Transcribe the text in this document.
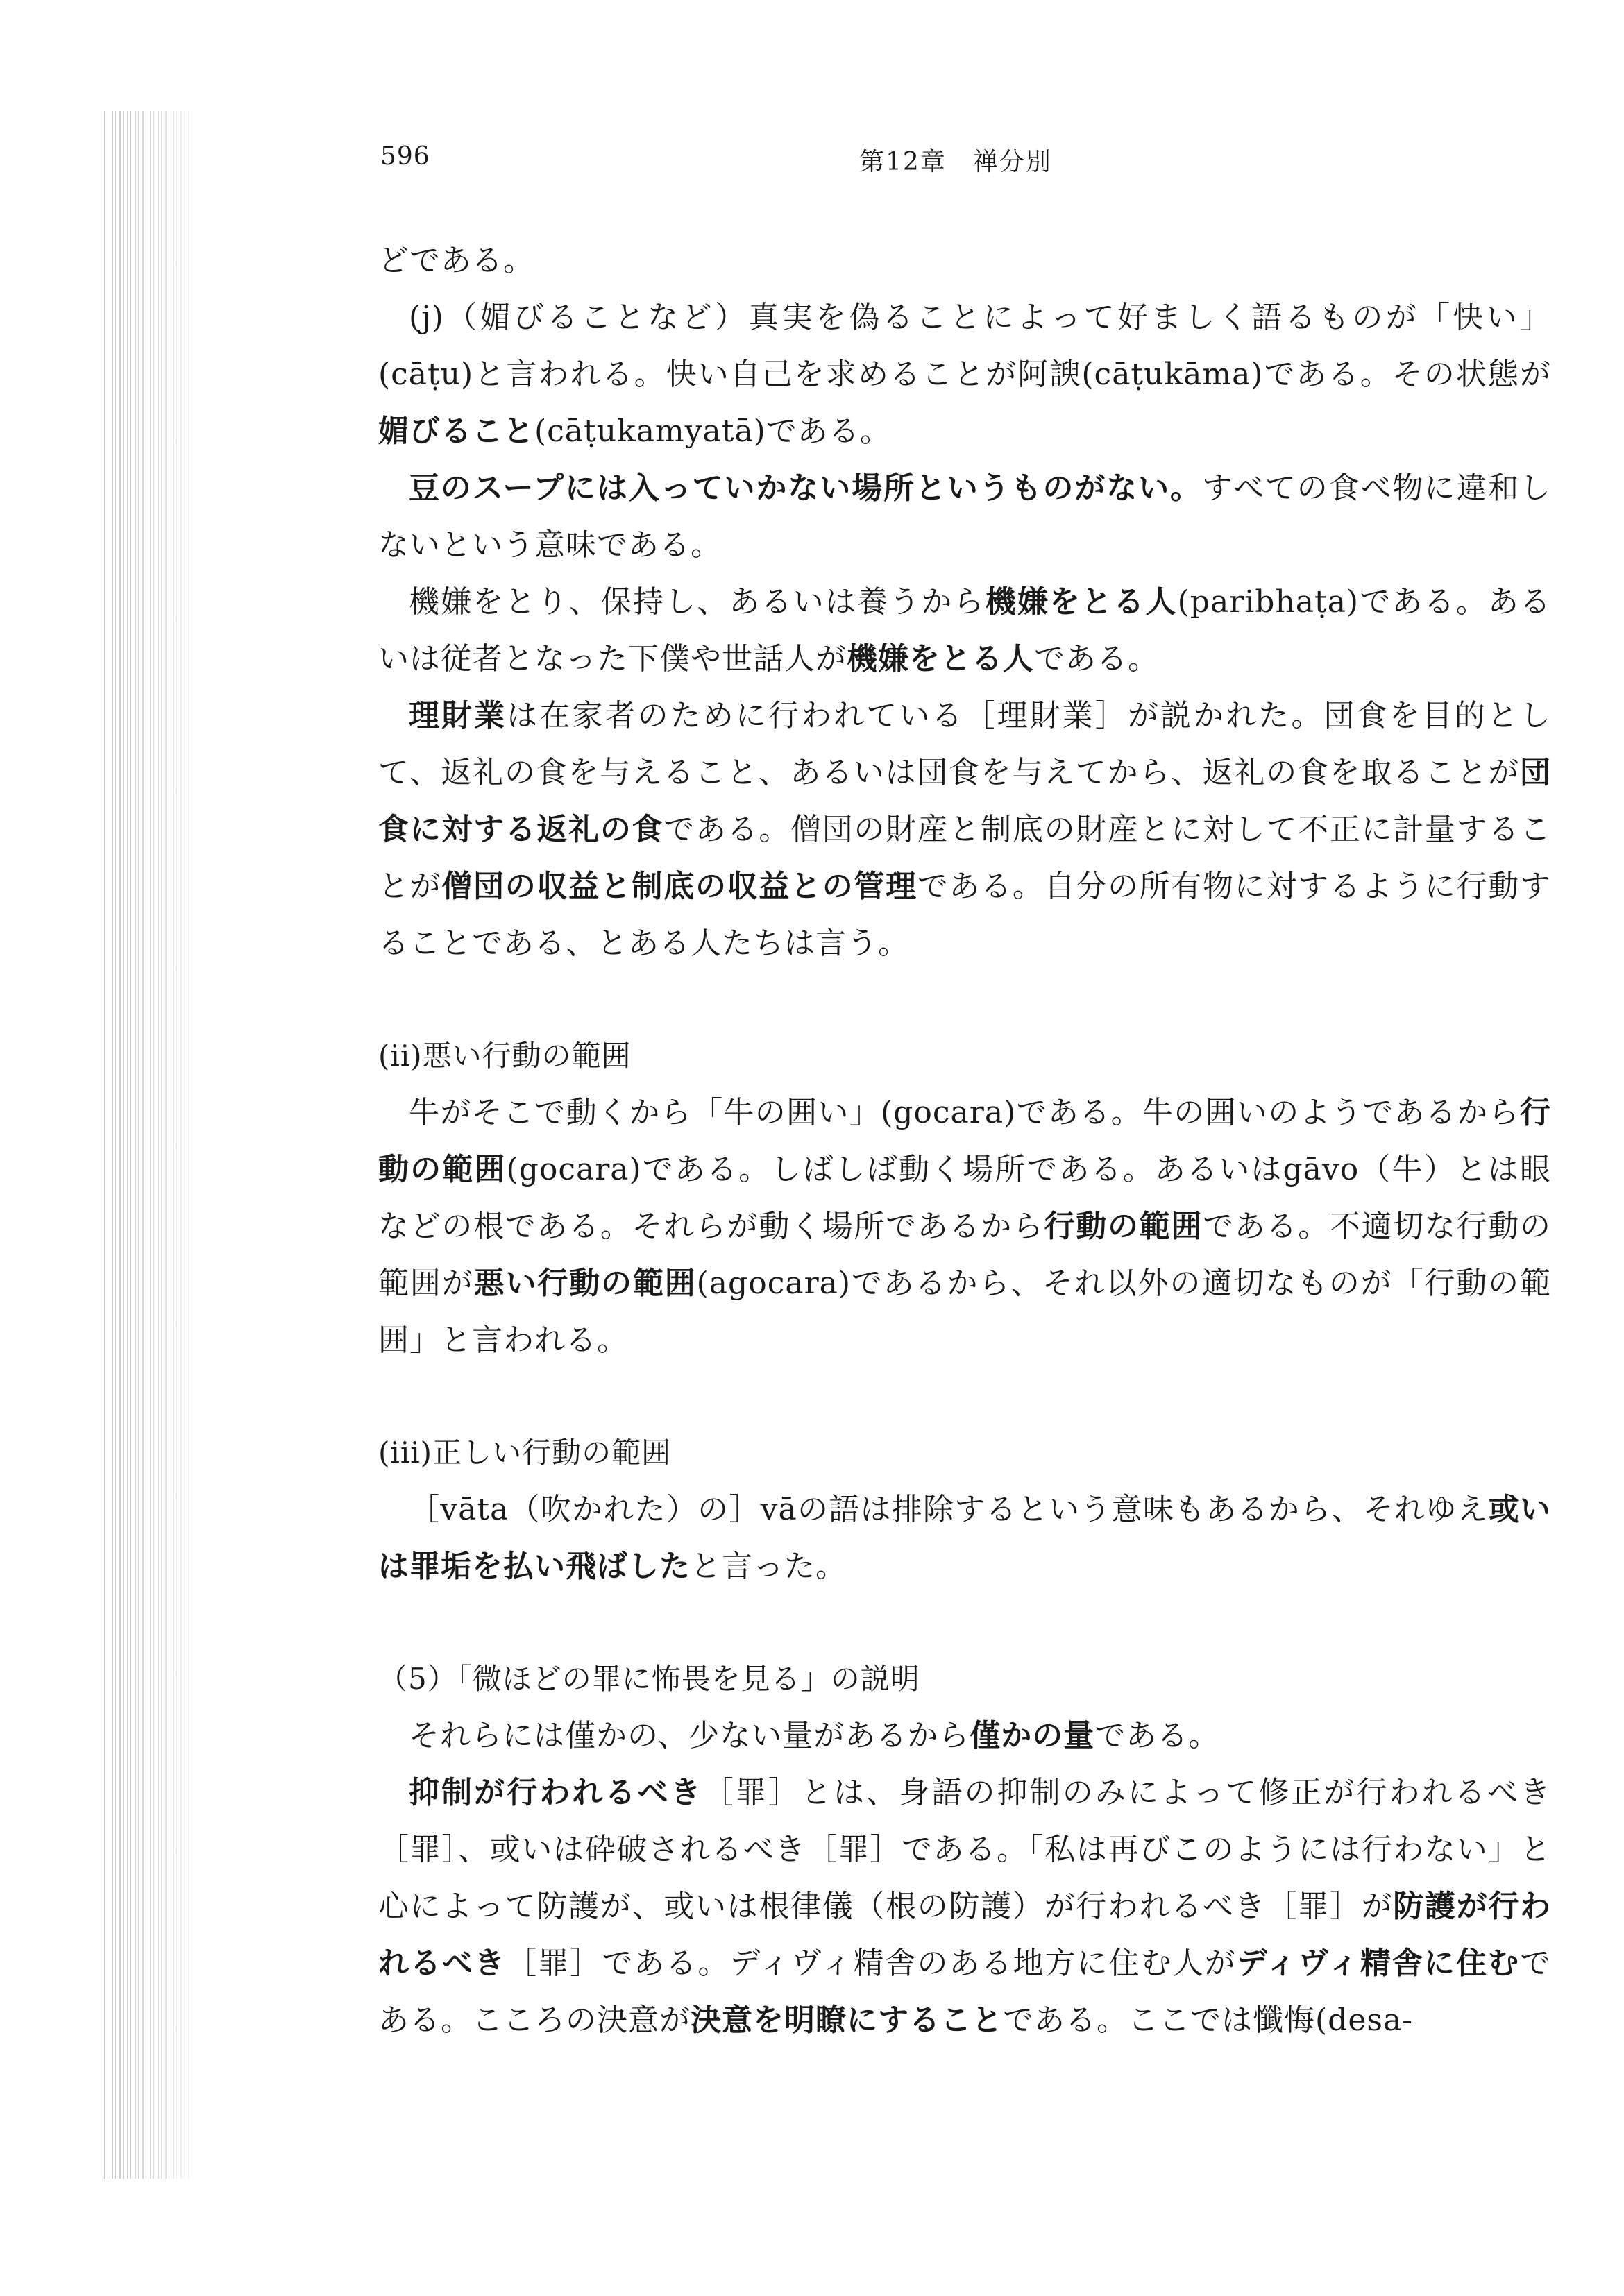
596	第12章　禅分別

どである。

(j)（媚びることなど）真実を偽ることによって好ましく語るものが「快い」(cāṭu)と言われる。快い自己を求めることが阿諛(cāṭukāma)である。その状態が媚びること(cāṭukamyatā)である。

豆のスープには入っていかない場所というものがない。すべての食べ物に違和しないという意味である。

機嫌をとり、保持し、あるいは養うから機嫌をとる人(paribhaṭa)である。あるいは従者となった下僕や世話人が機嫌をとる人である。

理財業は在家者のために行われている［理財業］が説かれた。団食を目的として、返礼の食を与えること、あるいは団食を与えてから、返礼の食を取ることが団食に対する返礼の食である。僧団の財産と制底の財産とに対して不正に計量することが僧団の収益と制底の収益との管理である。自分の所有物に対するように行動することである、とある人たちは言う。

(ii)悪い行動の範囲

牛がそこで動くから「牛の囲い」(gocara)である。牛の囲いのようであるから行動の範囲(gocara)である。しばしば動く場所である。あるいはgāvo（牛）とは眼などの根である。それらが動く場所であるから行動の範囲である。不適切な行動の範囲が悪い行動の範囲(agocara)であるから、それ以外の適切なものが「行動の範囲」と言われる。

(iii)正しい行動の範囲

［vāta（吹かれた）の］vāの語は排除するという意味もあるから、それゆえ或いは罪垢を払い飛ばしたと言った。

（5）「微ほどの罪に怖畏を見る」の説明

それらには僅かの、少ない量があるから僅かの量である。

抑制が行われるべき［罪］とは、身語の抑制のみによって修正が行われるべき［罪］、或いは砕破されるべき［罪］である。「私は再びこのようには行わない」と心によって防護が、或いは根律儀（根の防護）が行われるべき［罪］が防護が行われるべき［罪］である。ディヴィ精舎のある地方に住む人がディヴィ精舎に住むである。こころの決意が決意を明瞭にすることである。ここでは懺悔(desa-
